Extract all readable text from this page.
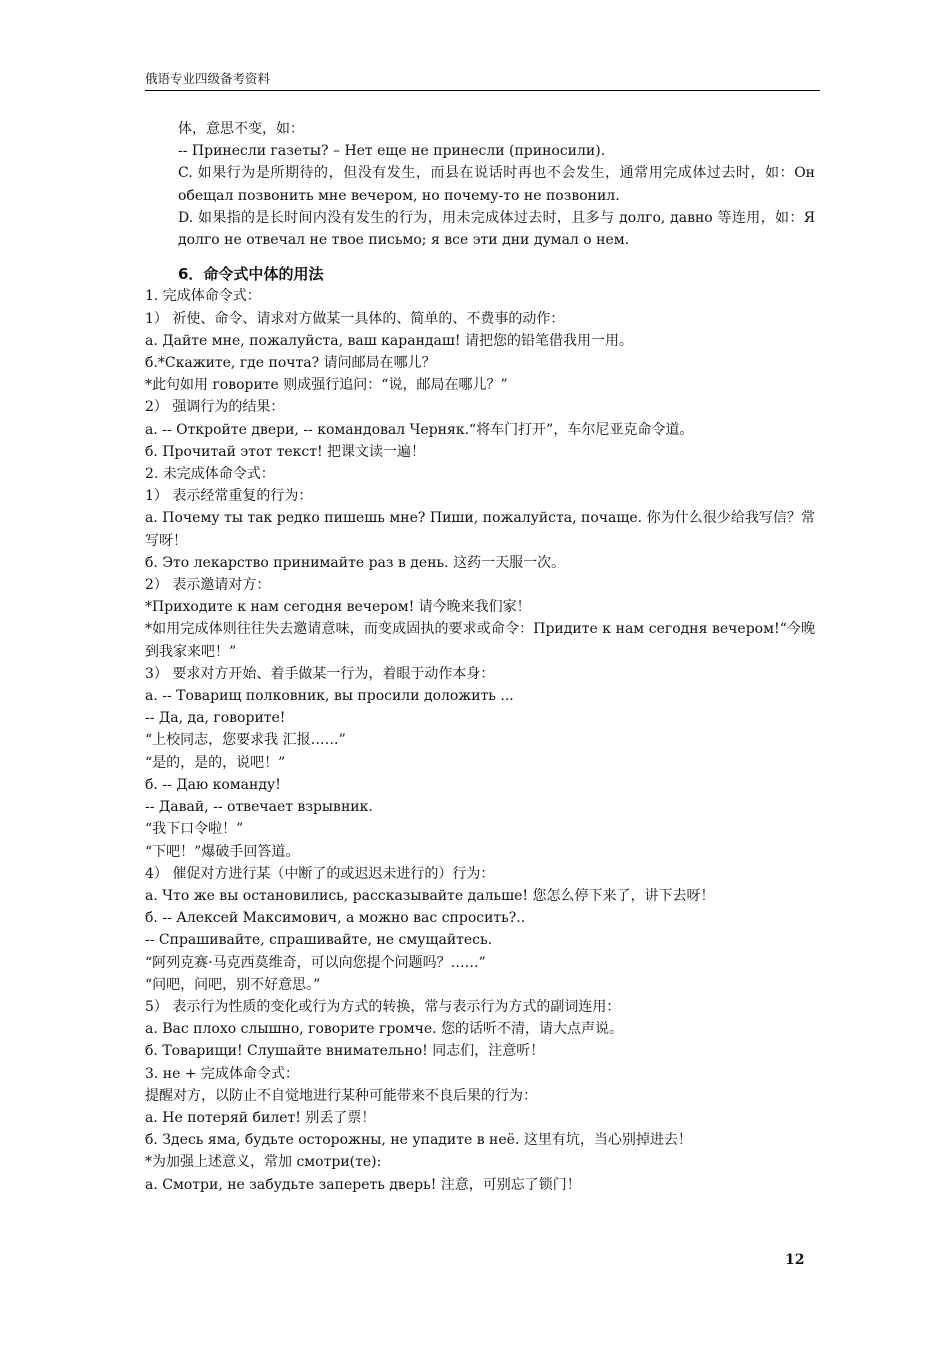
俄语专业四级备考资料
体，意思不变，如：
-- Принесли газеты? – Нет еще не принесли (приносили).
C. 如果行为是所期待的，但没有发生，而县在说话时再也不会发生，通常用完成体过去时，如：Он обещал позвонить мне вечером, но почему-то не позвонил.
D. 如果指的是长时间内没有发生的行为，用未完成体过去时，且多与 долго, давно 等连用，如：Я долго не отвечал не твое письмо; я все эти дни думал о нем.
6．命令式中体的用法
1. 完成体命令式：
1） 祈使、命令、请求对方做某一具体的、简单的、不费事的动作：
а. Дайте мне, пожалуйста, ваш карандаш! 请把您的铅笔借我用一用。
б.*Скажите, где почта? 请问邮局在哪儿？
*此句如用 говорите 则成强行追问：“说，邮局在哪儿？”
2） 强调行为的结果：
а. -- Откройте двери, -- командовал Черняк.“将车门打开”，车尔尼亚克命令道。
б. Прочитай этот текст! 把课文读一遍！
2. 未完成体命令式：
1） 表示经常重复的行为：
а. Почему ты так редко пишешь мне? Пиши, пожалуйста, почаще. 你为什么很少给我写信？常写呀！
б. Это лекарство принимайте раз в день. 这药一天服一次。
2） 表示邀请对方：
*Приходите к нам сегодня вечером! 请今晚来我们家！
*如用完成体则往往失去邀请意味，而变成固执的要求或命令：Придите к нам сегодня вечером!“今晚到我家来吧！”
3） 要求对方开始、着手做某一行为，着眼于动作本身：
а. -- Товарищ полковник, вы просили доложить ...
-- Да, да, говорите!
“上校同志，您要求我 汇报……”
“是的，是的，说吧！”
б. -- Даю команду!
-- Давай, -- отвечает взрывник.
“我下口令啦！”
“下吧！”爆破手回答道。
4） 催促对方进行某（中断了的或迟迟未进行的）行为：
а. Что же вы остановились, рассказывайте дальше! 您怎么停下来了，讲下去呀！
б. -- Алексей Максимович, а можно вас спросить?..
-- Спрашивайте, спрашивайте, не смущайтесь.
“阿列克赛·马克西莫维奇，可以向您提个问题吗？……”
“问吧，问吧，别不好意思。”
5） 表示行为性质的变化或行为方式的转换，常与表示行为方式的副词连用：
а. Вас плохо слышно, говорите громче. 您的话听不清，请大点声说。
б. Товарищи! Слушайте внимательно! 同志们，注意听！
3. не + 完成体命令式：
提醒对方，以防止不自觉地进行某种可能带来不良后果的行为：
а. Не потеряй билет! 别丢了票！
б. Здесь яма, будьте осторожны, не упадите в неё. 这里有坑，当心别掉进去！
*为加强上述意义，常加 смотри(те):
а. Смотри, не забудьте запереть дверь! 注意，可别忘了锁门！
12
